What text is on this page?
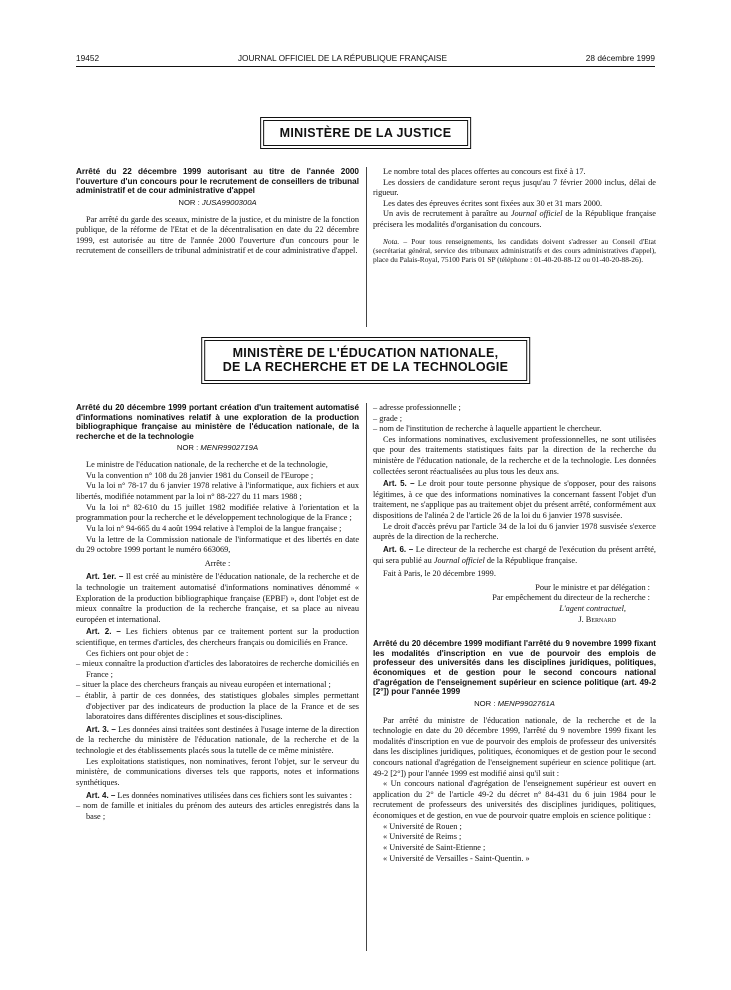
19452	JOURNAL OFFICIEL DE LA RÉPUBLIQUE FRANÇAISE	28 décembre 1999
MINISTÈRE DE LA JUSTICE
Arrêté du 22 décembre 1999 autorisant au titre de l'année 2000 l'ouverture d'un concours pour le recrutement de conseillers de tribunal administratif et de cour administrative d'appel
NOR : JUSA9900300A

Par arrêté du garde des sceaux, ministre de la justice, et du ministre de la fonction publique, de la réforme de l'Etat et de la décentralisation en date du 22 décembre 1999, est autorisée au titre de l'année 2000 l'ouverture d'un concours pour le recrutement de conseillers de tribunal administratif et de cour administrative d'appel.

Le nombre total des places offertes au concours est fixé à 17.

Les dossiers de candidature seront reçus jusqu'au 7 février 2000 inclus, délai de rigueur.

Les dates des épreuves écrites sont fixées aux 30 et 31 mars 2000.

Un avis de recrutement à paraître au Journal officiel de la République française précisera les modalités d'organisation du concours.

Nota. – Pour tous renseignements, les candidats doivent s'adresser au Conseil d'Etat (secrétariat général, service des tribunaux administratifs et des cours administratives d'appel), place du Palais-Royal, 75100 Paris 01 SP (téléphone : 01-40-20-88-12 ou 01-40-20-88-26).

MINISTÈRE DE L'ÉDUCATION NATIONALE,
DE LA RECHERCHE ET DE LA TECHNOLOGIE
Arrêté du 20 décembre 1999 portant création d'un traitement automatisé d'informations nominatives relatif à une exploration de la production bibliographique française au ministère de l'éducation nationale, de la recherche et de la technologie
NOR : MENR9902719A

Le ministre de l'éducation nationale, de la recherche et de la technologie,

Vu la convention n° 108 du 28 janvier 1981 du Conseil de l'Europe ;

Vu la loi n° 78-17 du 6 janvier 1978 relative à l'informatique, aux fichiers et aux libertés, modifiée notamment par la loi n° 88-227 du 11 mars 1988 ;

Vu la loi n° 82-610 du 15 juillet 1982 modifiée relative à l'orientation et la programmation pour la recherche et le développement technologique de la France ;

Vu la loi n° 94-665 du 4 août 1994 relative à l'emploi de la langue française ;

Vu la lettre de la Commission nationale de l'informatique et des libertés en date du 29 octobre 1999 portant le numéro 663069,

Arrête :

Art. 1er. – Il est créé au ministère de l'éducation nationale, de la recherche et de la technologie un traitement automatisé d'informations nominatives dénommé « Exploration de la production bibliographique française (EPBF) », dont l'objet est de mieux connaître la production de la recherche française, et sa place au niveau européen et international.

Art. 2. – Les fichiers obtenus par ce traitement portent sur la production scientifique, en termes d'articles, des chercheurs français ou domiciliés en France.

Ces fichiers ont pour objet de :

– mieux connaître la production d'articles des laboratoires de recherche domiciliés en France ;
– situer la place des chercheurs français au niveau européen et international ;
– établir, à partir de ces données, des statistiques globales simples permettant d'objectiver par des indicateurs de production la place de la France et de ses laboratoires dans différentes disciplines et sous-disciplines.

Art. 3. – Les données ainsi traitées sont destinées à l'usage interne de la direction de la recherche du ministère de l'éducation nationale, de la recherche et de la technologie et des établissements placés sous la tutelle de ce même ministère.

Les exploitations statistiques, non nominatives, feront l'objet, sur le serveur du ministère, de communications diverses tels que rapports, notes et informations synthétiques.

Art. 4. – Les données nominatives utilisées dans ces fichiers sont les suivantes :

– nom de famille et initiales du prénom des auteurs des articles enregistrés dans la base ;
– adresse professionnelle ;
– grade ;
– nom de l'institution de recherche à laquelle appartient le chercheur.

Ces informations nominatives, exclusivement professionnelles, ne sont utilisées que pour des traitements statistiques faits par la direction de la recherche du ministère de l'éducation nationale, de la recherche et de la technologie. Les données collectées seront réactualisées au plus tous les deux ans.

Art. 5. – Le droit pour toute personne physique de s'opposer, pour des raisons légitimes, à ce que des informations nominatives la concernant fassent l'objet d'un traitement, ne s'applique pas au traitement objet du présent arrêté, conformément aux dispositions de l'alinéa 2 de l'article 26 de la loi du 6 janvier 1978 susvisée.

Le droit d'accès prévu par l'article 34 de la loi du 6 janvier 1978 susvisée s'exerce auprès de la direction de la recherche.

Art. 6. – Le directeur de la recherche est chargé de l'exécution du présent arrêté, qui sera publié au Journal officiel de la République française.

Fait à Paris, le 20 décembre 1999.

Pour le ministre et par délégation :

Par empêchement du directeur de la recherche :

L'agent contractuel,

J. Bernard

Arrêté du 20 décembre 1999 modifiant l'arrêté du 9 novembre 1999 fixant les modalités d'inscription en vue de pourvoir des emplois de professeur des universités dans les disciplines juridiques, politiques, économiques et de gestion pour le second concours national d'agrégation de l'enseignement supérieur en science politique (art. 49-2 [2°]) pour l'année 1999
NOR : MENP9902761A

Par arrêté du ministre de l'éducation nationale, de la recherche et de la technologie en date du 20 décembre 1999, l'arrêté du 9 novembre 1999 fixant les modalités d'inscription en vue de pourvoir des emplois de professeur des universités dans les disciplines juridiques, politiques, économiques et de gestion pour le second concours national d'agrégation de l'enseignement supérieur en science politique (art. 49-2 [2°]) pour l'année 1999 est modifié ainsi qu'il suit :

« Un concours national d'agrégation de l'enseignement supérieur est ouvert en application du 2° de l'article 49-2 du décret n° 84-431 du 6 juin 1984 pour le recrutement de professeurs des universités des disciplines juridiques, politiques, économiques et de gestion, en vue de pourvoir quatre emplois en science politique :

« Université de Rouen ;
« Université de Reims ;
« Université de Saint-Etienne ;
« Université de Versailles - Saint-Quentin. »
